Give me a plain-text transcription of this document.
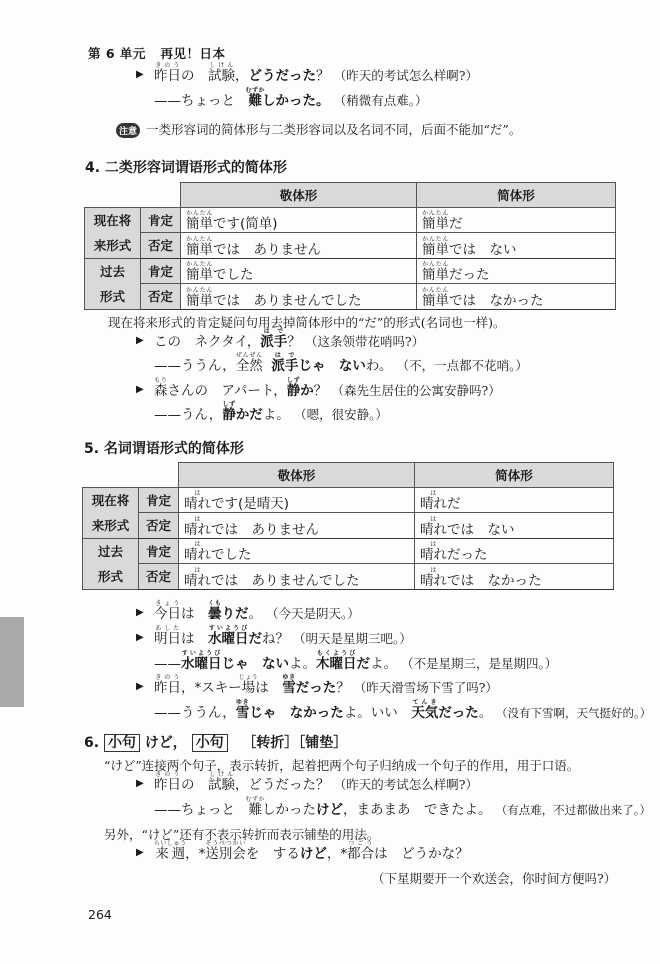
第 6 单元 再见！日本
▶ 昨日きのうの　試験しけん，どうだった？ （昨天的考试怎么样啊?）
——ちょっと　難むずかしかった。 （稍微有点难。）
注意 一类形容词的简体形与二类形容词以及名词不同，后面不能加“だ”。
4. 二类形容词谓语形式的简体形
		敬体形	简体形
现在将
来形式	肯定	簡単かんたんです(简单)	簡単かんたんだ
	否定	簡単かんたんでは　ありません	簡単かんたんでは　ない
过去
形式	肯定	簡単かんたんでした	簡単かんたんだった
	否定	簡単かんたんでは　ありませんでした	簡単かんたんでは　なかった
现在将来形式的肯定疑问句用去掉简体形中的“だ”的形式(名词也一样)。
▶ この　ネクタイ，派手はで？ （这条领带花哨吗?）
——ううん，全然ぜんぜん  派手はでじゃ　ないわ。 （不，一点都不花哨。）
▶ 森もりさんの　アパート，静しずか？ （森先生居住的公寓安静吗?）
——うん，静しずかだよ。 （嗯，很安静。）
5. 名词谓语形式的简体形
		敬体形	简体形
现在将
来形式	肯定	晴れはです(是晴天)	晴れはだ
	否定	晴れはでは　ありません	晴れはでは　ない
过去
形式	肯定	晴れはでした	晴れはだった
	否定	晴れはでは　ありませんでした	晴れはでは　なかった
▶ 今日きょうは　曇くもりだ。 （今天是阴天。）
▶ 明日あしたは　水曜日すいようびだね？ （明天是星期三吧。）
——水曜日すいようびじゃ　ないよ。木曜日もくようびだよ。 （不是星期三，是星期四。）
▶ 昨日きのう，*スキー場じょうは　雪ゆきだった？ （昨天滑雪场下雪了吗?）
——ううん，雪ゆきじゃ　なかったよ。いい　天気てんきだった。 （没有下雪啊，天气挺好的。）
6. 小句 けど， 小句 ［转折］［铺垫］
“けど”连接两个句子，表示转折，起着把两个句子归纳成一个句子的作用，用于口语。
▶ 昨日きのうの　試験しけん，どうだった？ （昨天的考试怎么样啊?）
——ちょっと　難むずかしかったけど，まあまあ　できたよ。 （有点难，不过都做出来了。）
另外，“けど”还有不表示转折而表示铺垫的用法。
▶ 来週らいしゅう，*送別会そうべつかいを　するけど，*都合つごうは　どうかな？
（下星期要开一个欢送会，你时间方便吗?）
264
